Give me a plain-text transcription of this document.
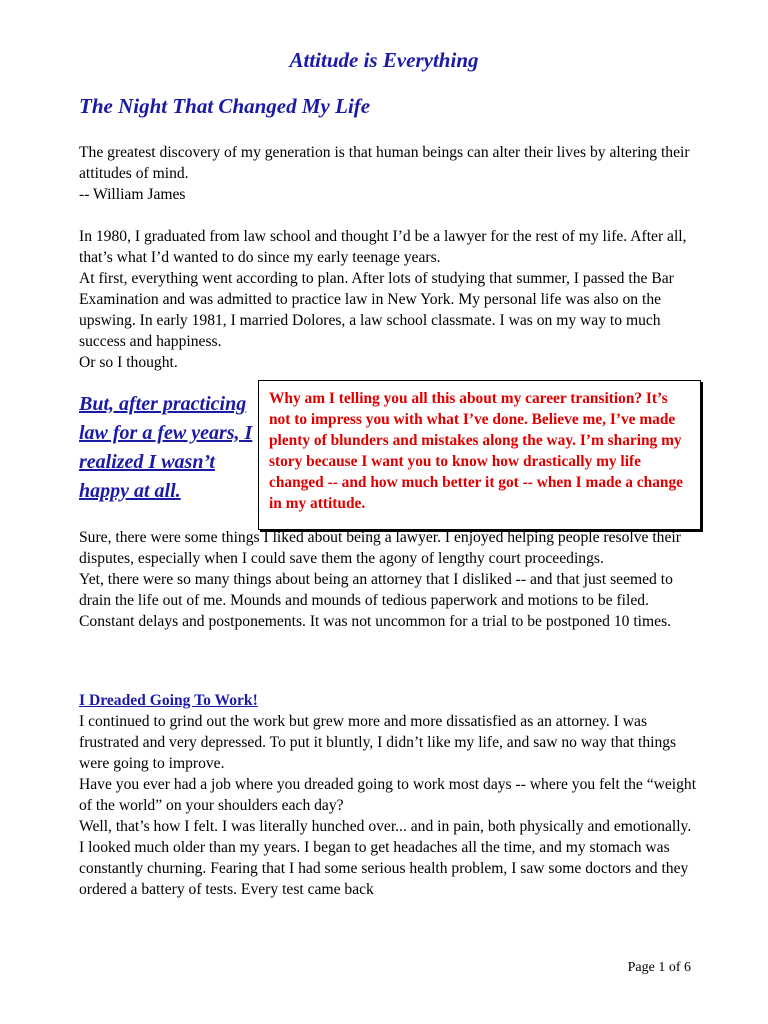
Attitude is Everything
The Night That Changed My Life

The greatest discovery of my generation is that human beings can alter their lives by altering their attitudes of mind.

-- William James

In 1980, I graduated from law school and thought I’d be a lawyer for the rest of my life. After all, that’s what I’d wanted to do since my early teenage years.

At first, everything went according to plan. After lots of studying that summer, I passed the Bar Examination and was admitted to practice law in New York. My personal life was also on the upswing. In early 1981, I married Dolores, a law school classmate. I was on my way to much success and happiness.

Or so I thought.

But, after practicing law for a few years, I realized I wasn’t happy at all.

Why am I telling you all this about my career transition? It’s not to impress you with what I’ve done. Believe me, I’ve made plenty of blunders and mistakes along the way. I’m sharing my story because I want you to know how drastically my life changed -- and how much better it got -- when I made a change in my attitude.

Sure, there were some things I liked about being a lawyer. I enjoyed helping people resolve their disputes, especially when I could save them the agony of lengthy court proceedings.

Yet, there were so many things about being an attorney that I disliked -- and that just seemed to drain the life out of me. Mounds and mounds of tedious paperwork and motions to be filed. Constant delays and postponements. It was not uncommon for a trial to be postponed 10 times.

I Dreaded Going To Work!

I continued to grind out the work but grew more and more dissatisfied as an attorney. I was frustrated and very depressed. To put it bluntly, I didn’t like my life, and saw no way that things were going to improve.

Have you ever had a job where you dreaded going to work most days -- where you felt the “weight of the world” on your shoulders each day?

Well, that’s how I felt. I was literally hunched over... and in pain, both physically and emotionally. I looked much older than my years. I began to get headaches all the time, and my stomach was constantly churning. Fearing that I had some serious health problem, I saw some doctors and they ordered a battery of tests. Every test came back

Page 1 of 6
